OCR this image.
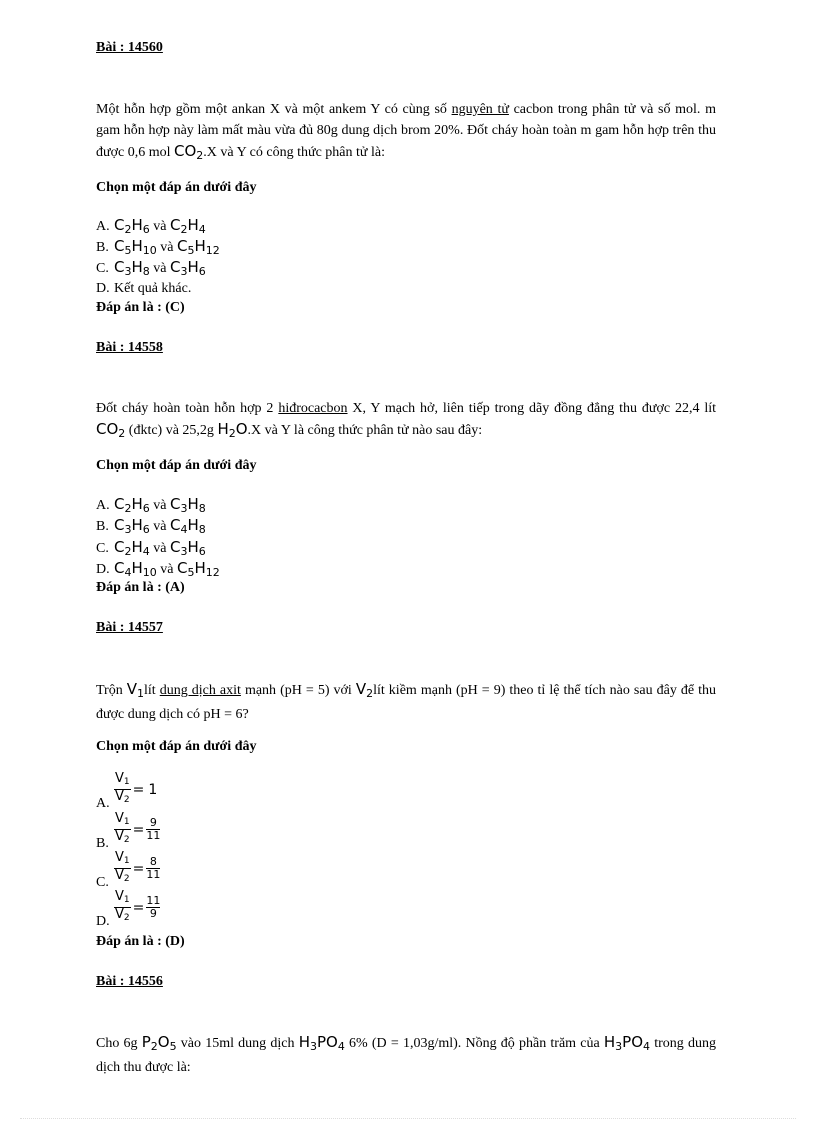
Bài : 14560
Một hỗn hợp gồm một ankan X và một ankem Y có cùng số nguyên tử cacbon trong phân tử và số mol. m gam hỗn hợp này làm mất màu vừa đủ 80g dung dịch brom 20%. Đốt cháy hoàn toàn m gam hỗn hợp trên thu được 0,6 mol $CO_2.X$ và Y có công thức phân tử là:
Chọn một đáp án dưới đây
A. $C_2H_6$ và $C_2H_4$
B. $C_5H_{10}$ và $C_5H_{12}$
C. $C_3H_8$ và $C_3H_6$
D. Kết quả khác.
Đáp án là : (C)
Bài : 14558
Đốt cháy hoàn toàn hỗn hợp 2 hiđrocacbon X, Y mạch hở, liên tiếp trong dãy đồng đẳng thu được 22,4 lít $CO_2$ (đktc) và 25,2g $H_2O.X$ và Y là công thức phân tử nào sau đây:
Chọn một đáp án dưới đây
A. $C_2H_6$ và $C_3H_8$
B. $C_3H_6$ và $C_4H_8$
C. $C_2H_4$ và $C_3H_6$
D. $C_4H_{10}$ và $C_5H_{12}$
Đáp án là : (A)
Bài : 14557
Trộn $V_1lít$ dung dịch axit mạnh (pH = 5) với $V_2lít$ kiềm mạnh (pH = 9) theo tỉ lệ thể tích nào sau đây để thu được dung dịch có pH = 6?
Chọn một đáp án dưới đây
A. $\frac{V_1}{V_2} = 1$
B. $\frac{V_1}{V_2} = \frac{9}{11}$
C. $\frac{V_1}{V_2} = \frac{8}{11}$
D. $\frac{V_1}{V_2} = \frac{11}{9}$
Đáp án là : (D)
Bài : 14556
Cho 6g $P_2O_5$ vào 15ml dung dịch $H_3PO_4$ 6% (D = 1,03g/ml). Nồng độ phần trăm của $H_3PO_4$ trong dung dịch thu được là:
